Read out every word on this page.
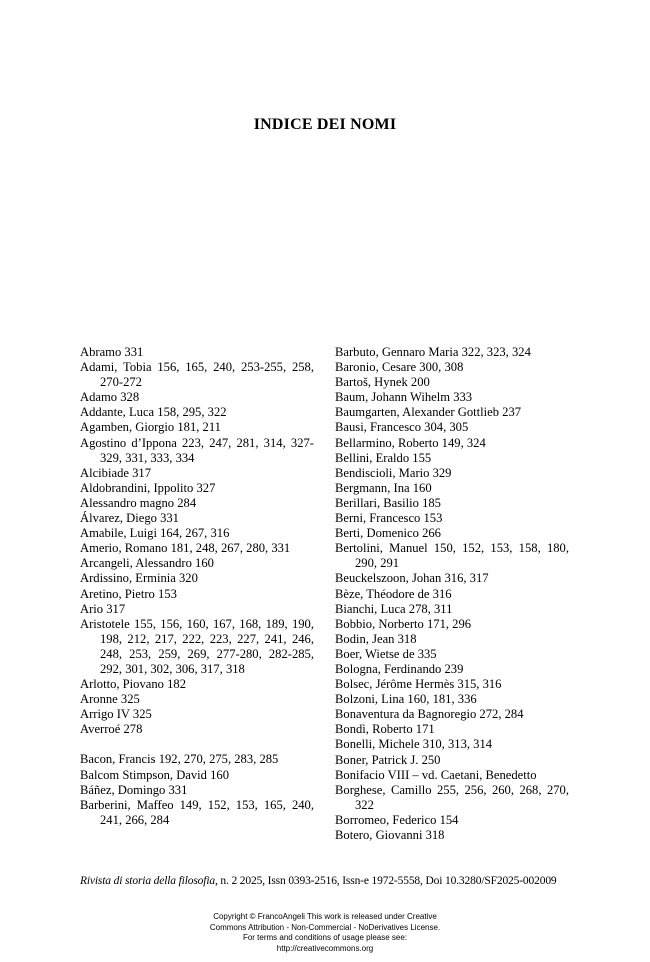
INDICE DEI NOMI
Abramo 331
Adami, Tobia 156, 165, 240, 253-255, 258, 270-272
Adamo 328
Addante, Luca 158, 295, 322
Agamben, Giorgio 181, 211
Agostino d’Ippona 223, 247, 281, 314, 327-329, 331, 333, 334
Alcibiade 317
Aldobrandini, Ippolito 327
Alessandro magno 284
Álvarez, Diego 331
Amabile, Luigi 164, 267, 316
Amerio, Romano 181, 248, 267, 280, 331
Arcangeli, Alessandro 160
Ardissino, Erminia 320
Aretino, Pietro 153
Ario 317
Aristotele 155, 156, 160, 167, 168, 189, 190, 198, 212, 217, 222, 223, 227, 241, 246, 248, 253, 259, 269, 277-280, 282-285, 292, 301, 302, 306, 317, 318
Arlotto, Piovano 182
Aronne 325
Arrigo IV 325
Averroé 278
Bacon, Francis 192, 270, 275, 283, 285
Balcom Stimpson, David 160
Báñez, Domingo 331
Barberini, Maffeo 149, 152, 153, 165, 240, 241, 266, 284
Barbuto, Gennaro Maria 322, 323, 324
Baronio, Cesare 300, 308
Bartoš, Hynek 200
Baum, Johann Wihelm 333
Baumgarten, Alexander Gottlieb 237
Bausi, Francesco 304, 305
Bellarmino, Roberto 149, 324
Bellini, Eraldo 155
Bendiscioli, Mario 329
Bergmann, Ina 160
Berillari, Basilio 185
Berni, Francesco 153
Berti, Domenico 266
Bertolini, Manuel 150, 152, 153, 158, 180, 290, 291
Beuckelszoon, Johan 316, 317
Bèze, Théodore de 316
Bianchi, Luca 278, 311
Bobbio, Norberto 171, 296
Bodin, Jean 318
Boer, Wietse de 335
Bologna, Ferdinando 239
Bolsec, Jérôme Hermès 315, 316
Bolzoni, Lina 160, 181, 336
Bonaventura da Bagnoregio 272, 284
Bondì, Roberto 171
Bonelli, Michele 310, 313, 314
Boner, Patrick J. 250
Bonifacio VIII – vd. Caetani, Benedetto
Borghese, Camillo 255, 256, 260, 268, 270, 322
Borromeo, Federico 154
Botero, Giovanni 318
Rivista di storia della filosofia, n. 2 2025, Issn 0393-2516, Issn-e 1972-5558, Doi 10.3280/SF2025-002009
Copyright © FrancoAngeli This work is released under Creative
Commons Attribution - Non-Commercial - NoDerivatives License.
For terms and conditions of usage please see:
http://creativecommons.org
